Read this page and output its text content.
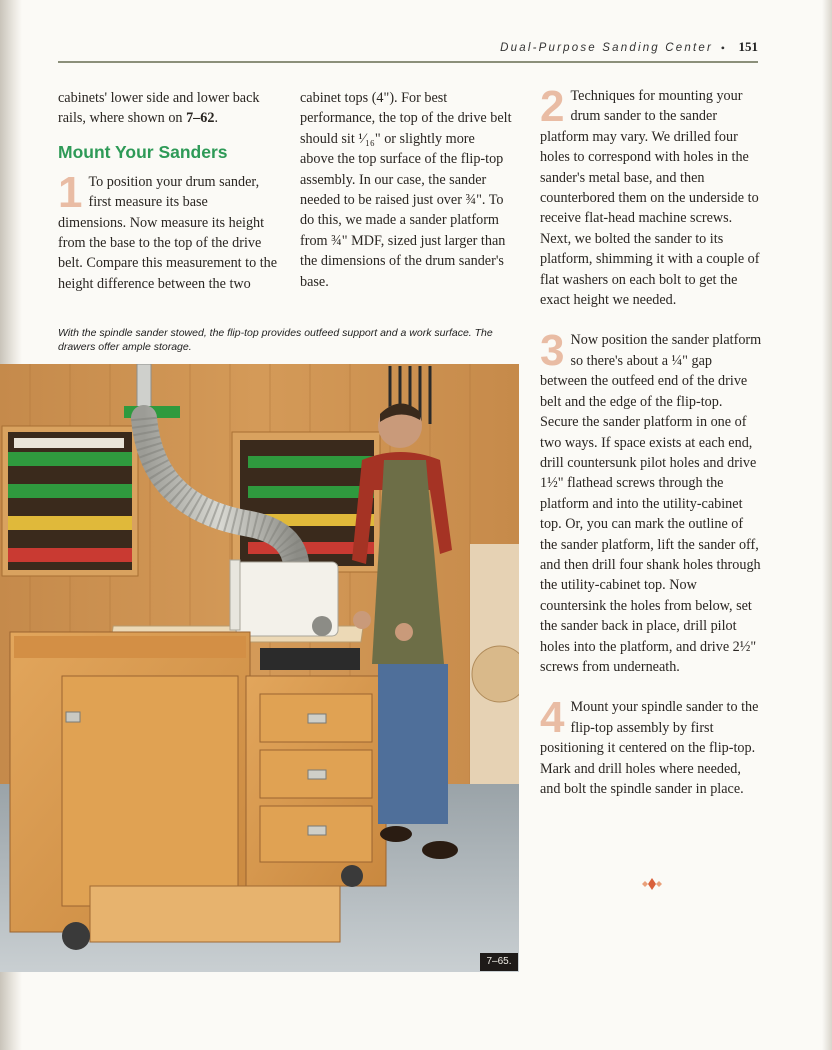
Dual-Purpose Sanding Center • 151

cabinets' lower side and lower back rails, where shown on 7–62.

Mount Your Sanders

1 To position your drum sander, first measure its base dimensions. Now measure its height from the base to the top of the drive belt. Compare this measurement to the height difference between the two

cabinet tops (4"). For best performance, the top of the drive belt should sit ¹⁄₁₆" or slightly more above the top surface of the flip-top assembly. In our case, the sander needed to be raised just over ¾". To do this, we made a sander platform from ¾" MDF, sized just larger than the dimensions of the drum sander's base.

2 Techniques for mounting your drum sander to the sander platform may vary. We drilled four holes to correspond with holes in the sander's metal base, and then counterbored them on the underside to receive flat-head machine screws. Next, we bolted the sander to its platform, shimming it with a couple of flat washers on each bolt to get the exact height we needed.

3 Now position the sander platform so there's about a ¼" gap between the outfeed end of the drive belt and the edge of the flip-top. Secure the sander platform in one of two ways. If space exists at each end, drill countersunk pilot holes and drive 1½" flathead screws through the platform and into the utility-cabinet top. Or, you can mark the outline of the sander platform, lift the sander off, and then drill four shank holes through the utility-cabinet top. Now countersink the holes from below, set the sander back in place, drill pilot holes into the platform, and drive 2½" screws from underneath.

4 Mount your spindle sander to the flip-top assembly by first positioning it centered on the flip-top. Mark and drill holes where needed, and bolt the spindle sander in place.

With the spindle sander stowed, the flip-top provides outfeed support and a work surface. The drawers offer ample storage.
7–65.
